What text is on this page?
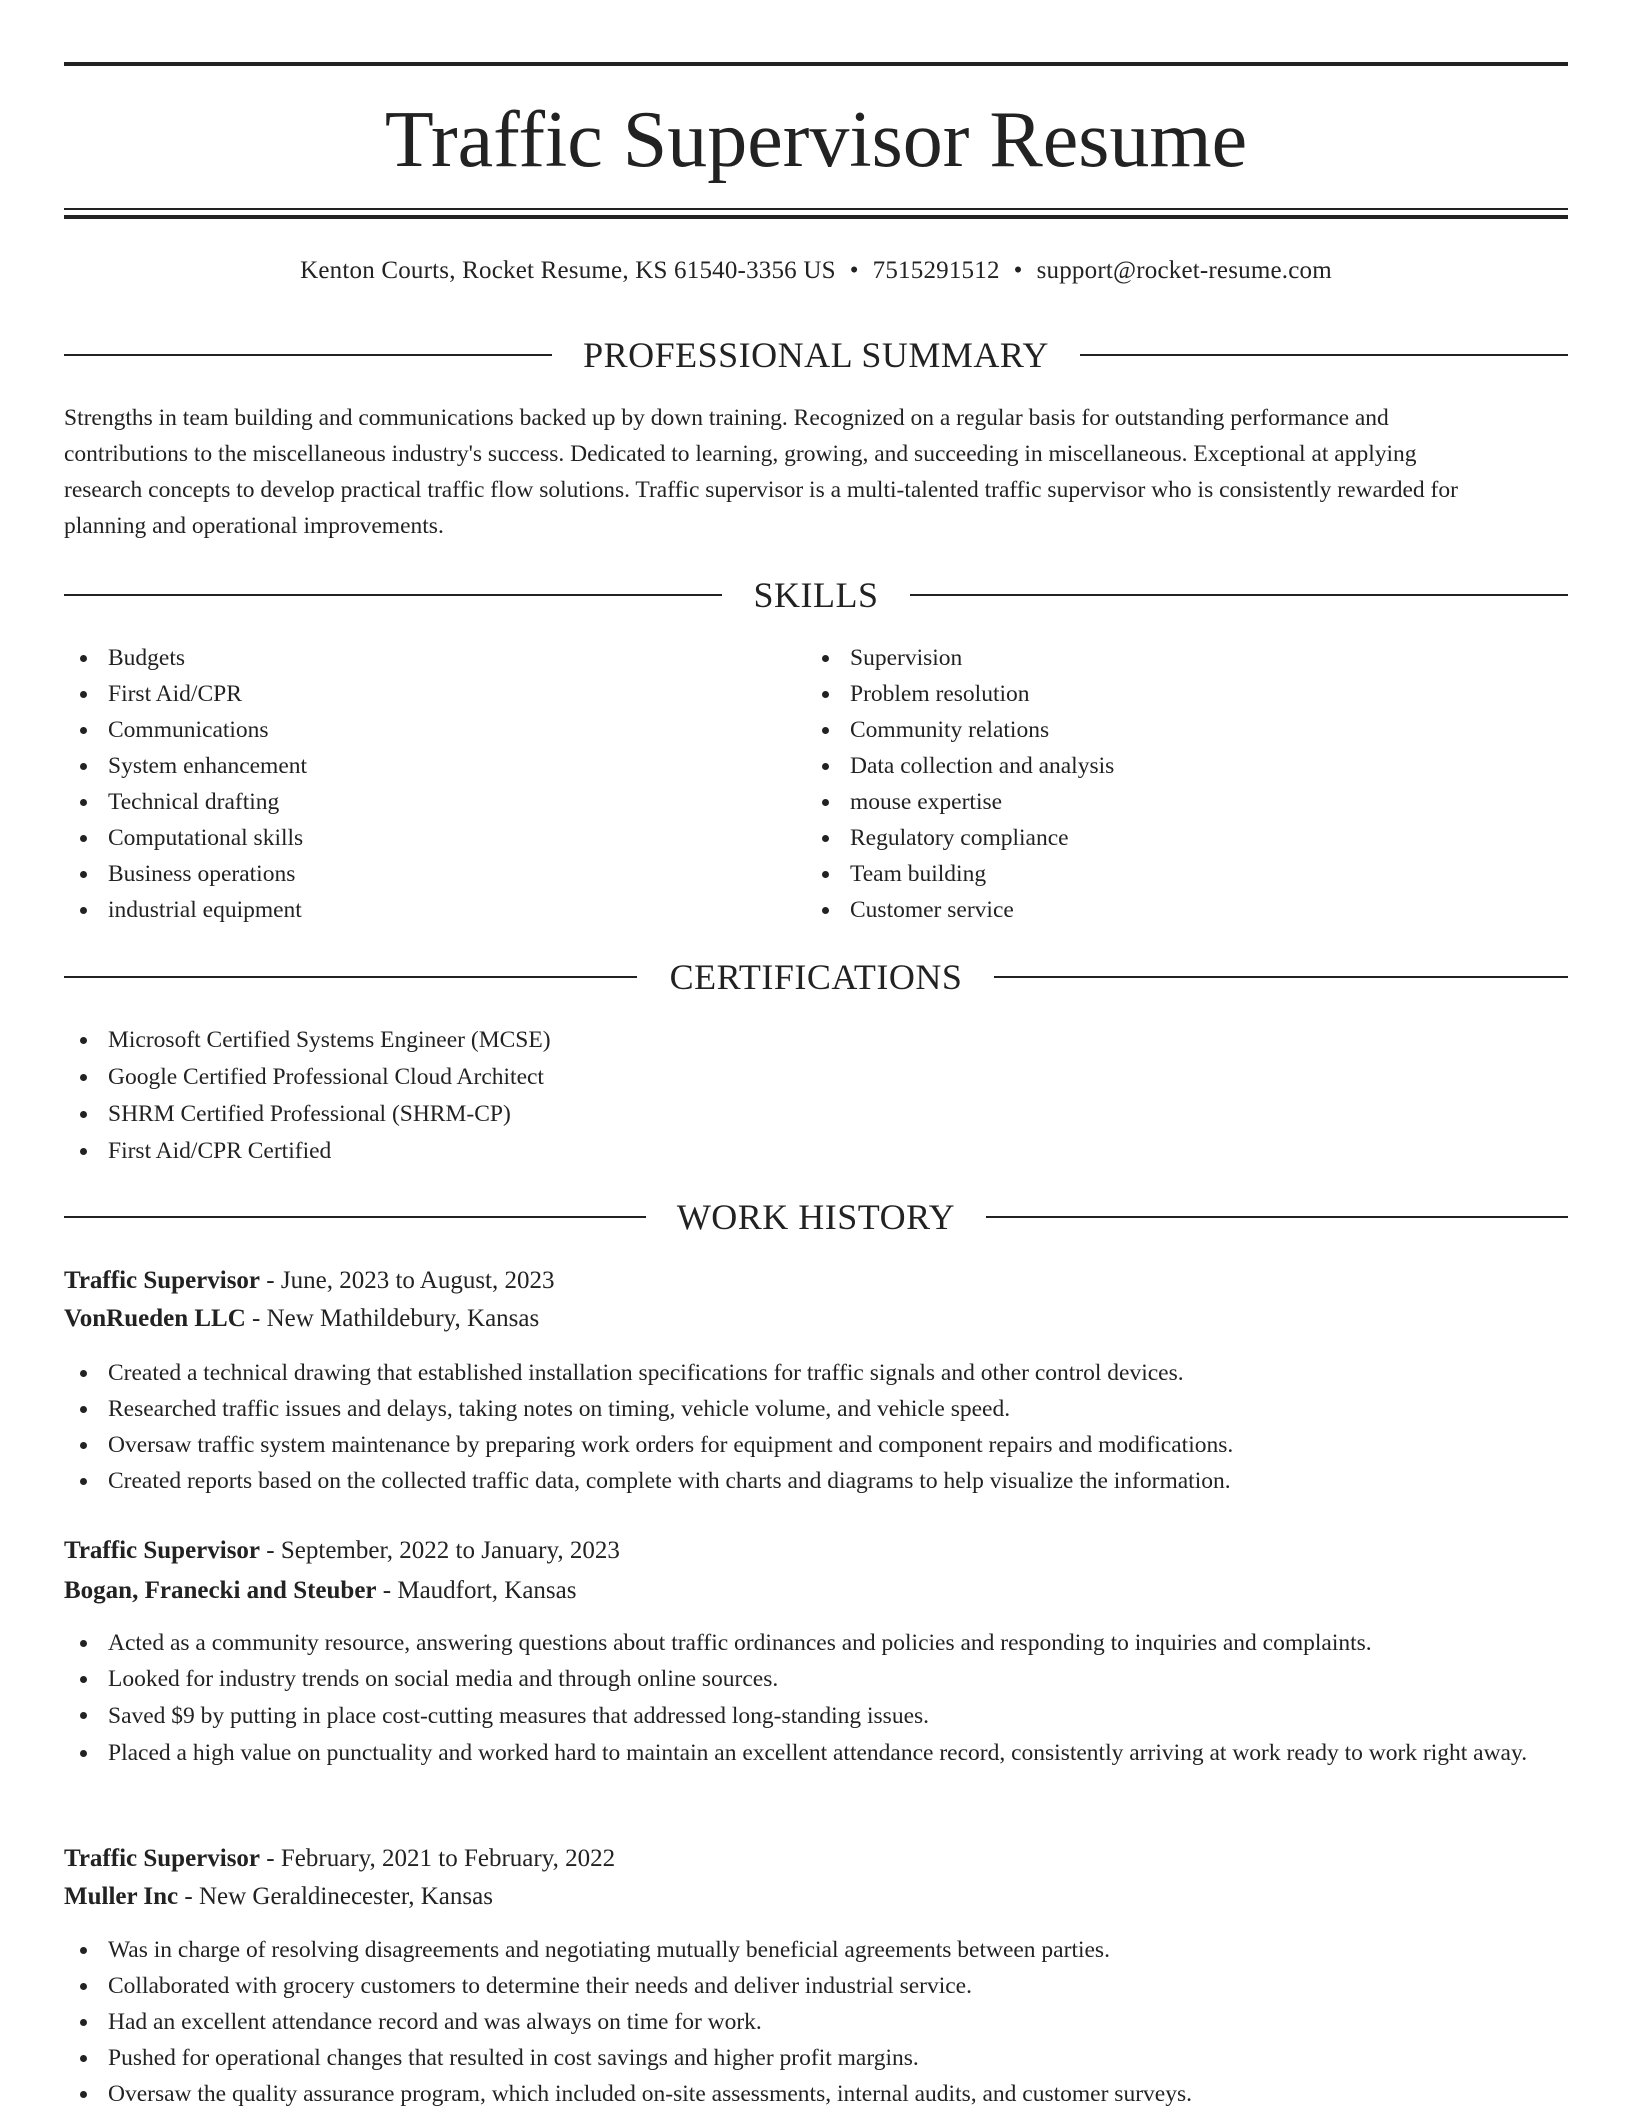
Traffic Supervisor Resume
Kenton Courts, Rocket Resume, KS 61540-3356 US • 7515291512 • support@rocket-resume.com
PROFESSIONAL SUMMARY
Strengths in team building and communications backed up by down training. Recognized on a regular basis for outstanding performance and
contributions to the miscellaneous industry's success. Dedicated to learning, growing, and succeeding in miscellaneous. Exceptional at applying
research concepts to develop practical traffic flow solutions. Traffic supervisor is a multi-talented traffic supervisor who is consistently rewarded for
planning and operational improvements.
SKILLS
Budgets
First Aid/CPR
Communications
System enhancement
Technical drafting
Computational skills
Business operations
industrial equipment
Supervision
Problem resolution
Community relations
Data collection and analysis
mouse expertise
Regulatory compliance
Team building
Customer service
CERTIFICATIONS
Microsoft Certified Systems Engineer (MCSE)
Google Certified Professional Cloud Architect
SHRM Certified Professional (SHRM-CP)
First Aid/CPR Certified
WORK HISTORY
Traffic Supervisor - June, 2023 to August, 2023
VonRueden LLC - New Mathildebury, Kansas
Created a technical drawing that established installation specifications for traffic signals and other control devices.
Researched traffic issues and delays, taking notes on timing, vehicle volume, and vehicle speed.
Oversaw traffic system maintenance by preparing work orders for equipment and component repairs and modifications.
Created reports based on the collected traffic data, complete with charts and diagrams to help visualize the information.
Traffic Supervisor - September, 2022 to January, 2023
Bogan, Franecki and Steuber - Maudfort, Kansas
Acted as a community resource, answering questions about traffic ordinances and policies and responding to inquiries and complaints.
Looked for industry trends on social media and through online sources.
Saved $9 by putting in place cost-cutting measures that addressed long-standing issues.
Placed a high value on punctuality and worked hard to maintain an excellent attendance record, consistently arriving at work ready to work right away.
Traffic Supervisor - February, 2021 to February, 2022
Muller Inc - New Geraldinecester, Kansas
Was in charge of resolving disagreements and negotiating mutually beneficial agreements between parties.
Collaborated with grocery customers to determine their needs and deliver industrial service.
Had an excellent attendance record and was always on time for work.
Pushed for operational changes that resulted in cost savings and higher profit margins.
Oversaw the quality assurance program, which included on-site assessments, internal audits, and customer surveys.
